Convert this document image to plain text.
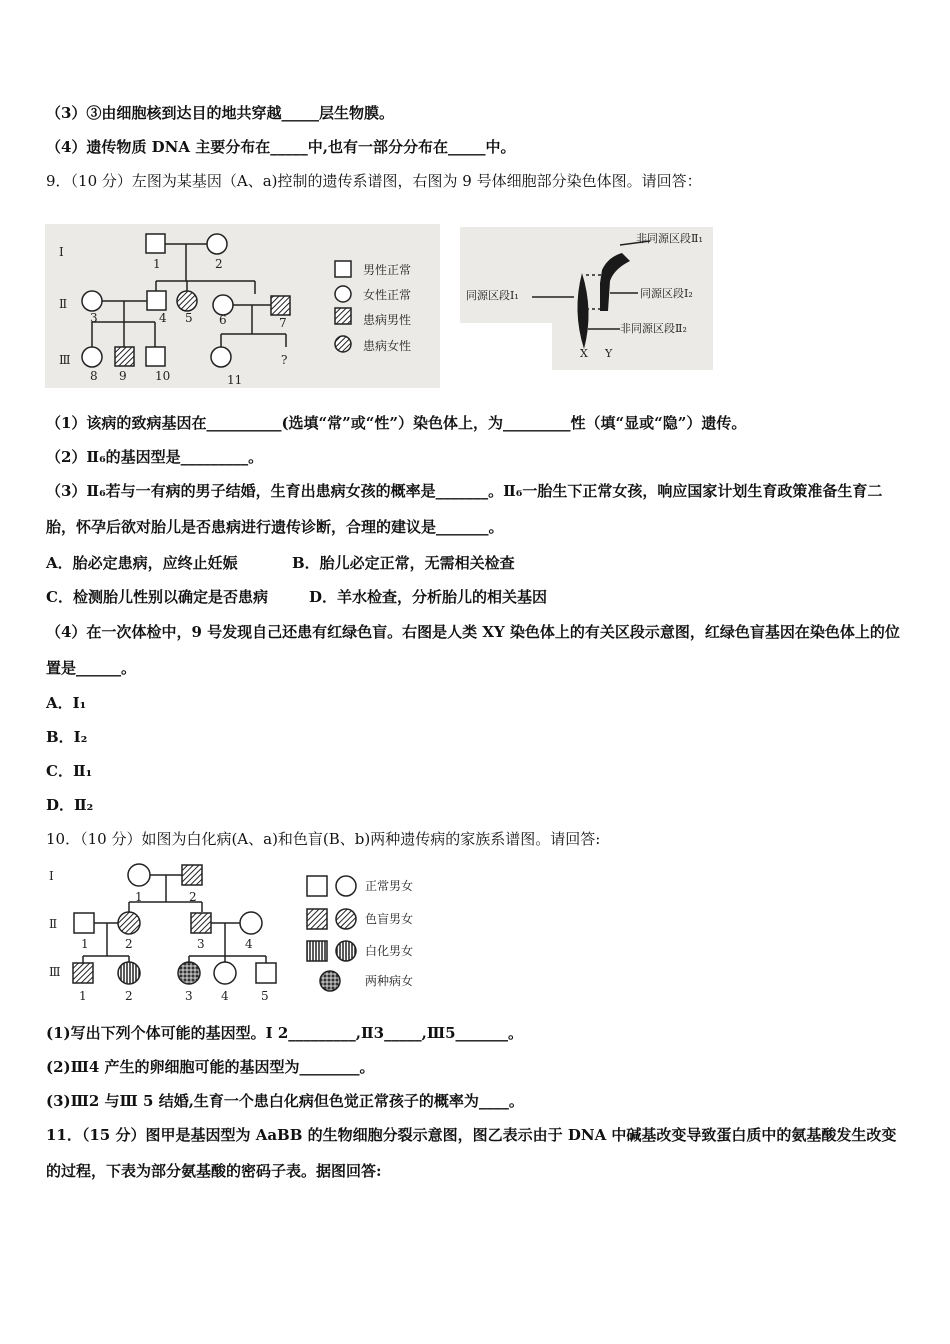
（3）③由细胞核到达目的地共穿越_____层生物膜。
（4）遗传物质 DNA 主要分布在_____中,也有一部分分布在_____中。
9．（10 分）左图为某基因（A、a)控制的遗传系谱图，右图为 9 号体细胞部分染色体图。请回答：
Ⅰ
Ⅱ
Ⅲ
1	2
3	4 5 6	7
8 9 10	11
?
男性正常
女性正常
患病男性
患病女性
非同源区段Ⅱ₁
同源区段Ⅰ₁	同源区段Ⅰ₂
非同源区段Ⅱ₂
X Y
（1）该病的致病基因在__________(选填“常”或“性”）染色体上，为_________性（填“显或“隐”）遗传。
（2）Ⅱ₆的基因型是_________。
（3）Ⅱ₆若与一有病的男子结婚，生育出患病女孩的概率是_______。Ⅱ₆一胎生下正常女孩，响应国家计划生育政策准备生育二胎，怀孕后欲对胎儿是否患病进行遗传诊断，合理的建议是_______。
A．胎必定患病，应终止妊娠	B．胎儿必定正常，无需相关检查
C．检测胎儿性别以确定是否患病	D．羊水检查，分析胎儿的相关基因
（4）在一次体检中，9 号发现自己还患有红绿色盲。右图是人类 XY 染色体上的有关区段示意图，红绿色盲基因在染色体上的位置是______。
A．I₁
B．I₂
C．Ⅱ₁
D．Ⅱ₂
10．（10 分）如图为白化病(A、a)和色盲(B、b)两种遗传病的家族系谱图。请回答:
Ⅰ
Ⅱ
Ⅲ
1	2
1	2	3	4
1	2	3 4	5
正常男女
色盲男女
白化男女
两种病女
(1)写出下列个体可能的基因型。Ⅰ 2_________,Ⅱ3_____,Ⅲ5_______。
(2)Ⅲ4 产生的卵细胞可能的基因型为________。
(3)Ⅲ2 与Ⅲ 5 结婚,生育一个患白化病但色觉正常孩子的概率为____。
11．（15 分）图甲是基因型为 AaBB 的生物细胞分裂示意图，图乙表示由于 DNA 中碱基改变导致蛋白质中的氨基酸发生改变的过程，下表为部分氨基酸的密码子表。据图回答:
